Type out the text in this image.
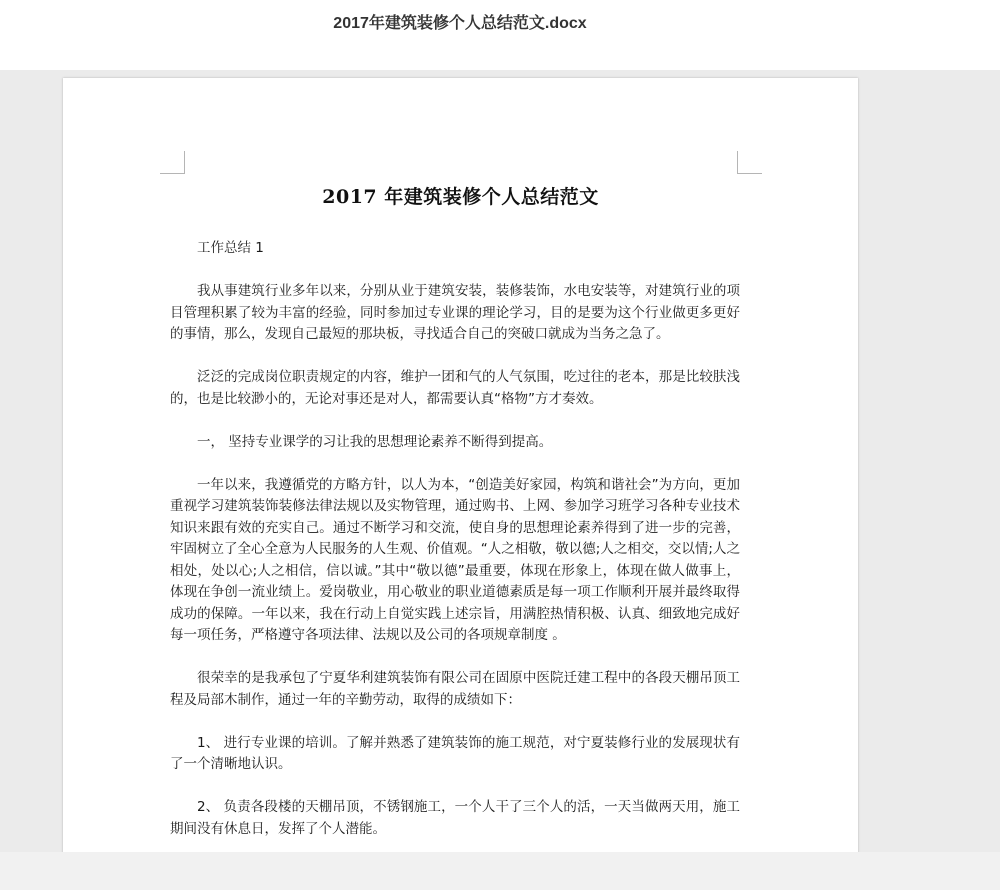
2017年建筑装修个人总结范文.docx
2017 年建筑装修个人总结范文

工作总结 1

我从事建筑行业多年以来，分别从业于建筑安装，装修装饰，水电安装等，对建筑行业的项目管理积累了较为丰富的经验，同时参加过专业课的理论学习，目的是要为这个行业做更多更好的事情，那么，发现自己最短的那块板，寻找适合自己的突破口就成为当务之急了。

泛泛的完成岗位职责规定的内容，维护一团和气的人气氛围，吃过往的老本，那是比较肤浅的，也是比较渺小的，无论对事还是对人，都需要认真“格物”方才奏效。

一， 坚持专业课学的习让我的思想理论素养不断得到提高。

一年以来，我遵循党的方略方针，以人为本，“创造美好家园，构筑和谐社会”为方向，更加重视学习建筑装饰装修法律法规以及实物管理，通过购书、上网、参加学习班学习各种专业技术知识来跟有效的充实自己。通过不断学习和交流，使自身的思想理论素养得到了进一步的完善，牢固树立了全心全意为人民服务的人生观、价值观。“人之相敬，敬以德;人之相交，交以情;人之相处，处以心;人之相信，信以诚。”其中“敬以德”最重要，体现在形象上，体现在做人做事上，体现在争创一流业绩上。爱岗敬业，用心敬业的职业道德素质是每一项工作顺利开展并最终取得成功的保障。一年以来，我在行动上自觉实践上述宗旨，用满腔热情积极、认真、细致地完成好每一项任务，严格遵守各项法律、法规以及公司的各项规章制度 。

很荣幸的是我承包了宁夏华利建筑装饰有限公司在固原中医院迁建工程中的各段天棚吊顶工程及局部木制作，通过一年的辛勤劳动，取得的成绩如下：

1、 进行专业课的培训。了解并熟悉了建筑装饰的施工规范，对宁夏装修行业的发展现状有了一个清晰地认识。

2、 负责各段楼的天棚吊顶，不锈钢施工，一个人干了三个人的活，一天当做两天用，施工期间没有休息日，发挥了个人潜能。
